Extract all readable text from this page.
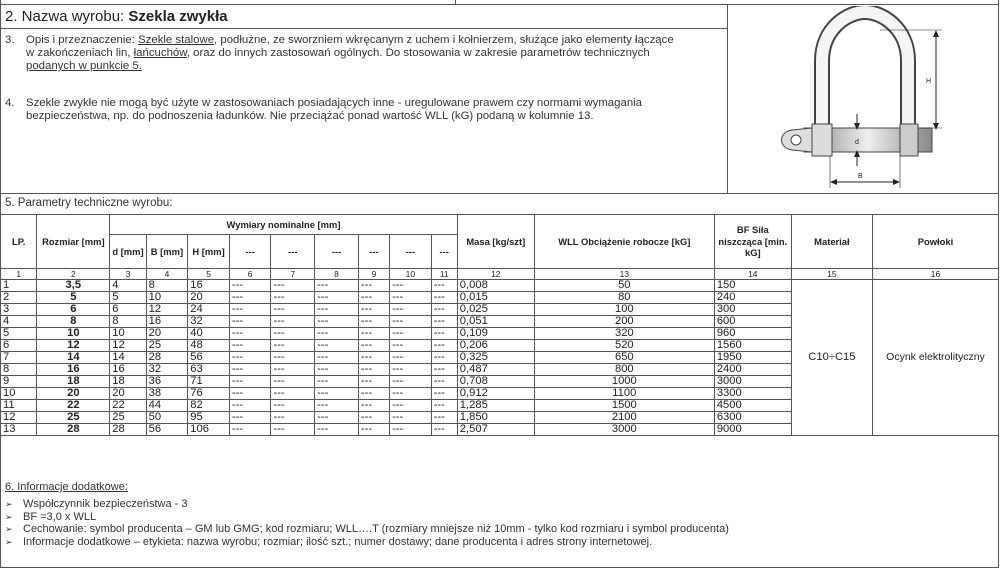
2. Nazwa wyrobu: Szekla zwykła
3. Opis i przeznaczenie: Szekle stalowe, podłużne, ze sworzniem wkręcanym z uchem i kołnierzem, służące jako elementy łączące
w zakończeniach lin, łańcuchów, oraz do innych zastosowań ogólnych. Do stosowania w zakresie parametrów technicznych
podanych w punkcie 5.
4. Szekle zwykłe nie mogą być użyte w zastosowaniach posiadających inne - uregulowane prawem czy normami wymagania
bezpieczeństwa, np. do podnoszenia ładunków. Nie przeciążać ponad wartość WLL (kG) podaną w kolumnie 13.
H
d
B
5. Parametry techniczne wyrobu:
LP.	Rozmiar [mm]	Wymiary nominalne [mm]									Masa [kg/szt]	WLL Obciążenie robocze [kG]	BF Siła niszcząca [min. kG]	Materiał	Powłoki
		d [mm]	B [mm]	H [mm]	---	---	---	---	---	---					
1	2	3	4	5	6	7	8	9	10	11	12	13	14	15	16
1	3,5	4	8	16	---	---	---	---	---	---	0,008	50	150	C10÷C15	Ocynk elektrolityczny
2	5	5	10	20	---	---	---	---	---	---	0,015	80	240		
3	6	6	12	24	---	---	---	---	---	---	0,025	100	300		
4	8	8	16	32	---	---	---	---	---	---	0,051	200	600		
5	10	10	20	40	---	---	---	---	---	---	0,109	320	960		
6	12	12	25	48	---	---	---	---	---	---	0,206	520	1560		
7	14	14	28	56	---	---	---	---	---	---	0,325	650	1950		
8	16	16	32	63	---	---	---	---	---	---	0,487	800	2400		
9	18	18	36	71	---	---	---	---	---	---	0,708	1000	3000		
10	20	20	38	76	---	---	---	---	---	---	0,912	1100	3300		
11	22	22	44	82	---	---	---	---	---	---	1,285	1500	4500		
12	25	25	50	95	---	---	---	---	---	---	1,850	2100	6300		
13	28	28	56	106	---	---	---	---	---	---	2,507	3000	9000		
6. Informacje dodatkowe:
➢ Współczynnik bezpieczeństwa - 3
➢ BF =3,0 x WLL
➢ Cechowanie: symbol producenta – GM lub GMG; kod rozmiaru; WLL….T (rozmiary mniejsze niż 10mm - tylko kod rozmiaru i symbol producenta)
➢ Informacje dodatkowe – etykieta: nazwa wyrobu; rozmiar; ilość szt.; numer dostawy; dane producenta i adres strony internetowej.
